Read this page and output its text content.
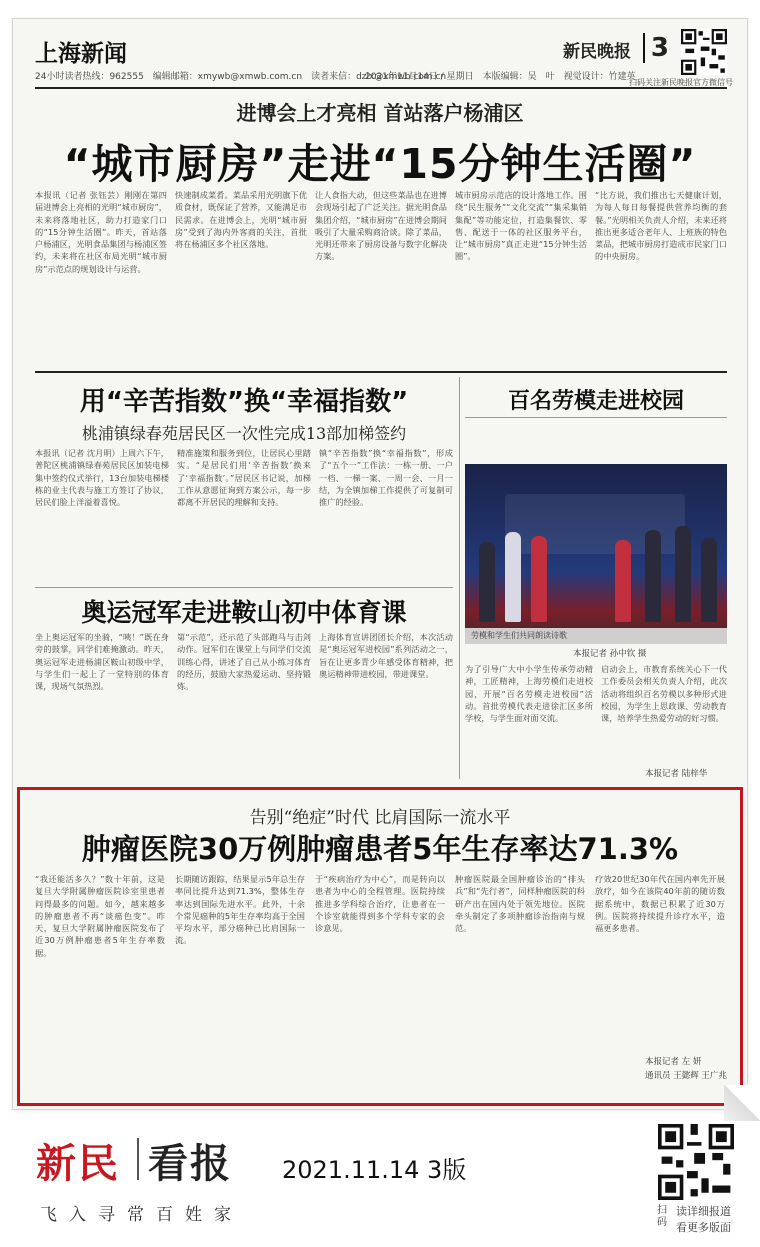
上海新闻
24小时读者热线：962555　编辑邮箱：xmywb@xmwb.com.cn　读者来信：dzlx@xmwb.com.cn
2021年11月14日 / 星期日　本版编辑：吴　叶　视觉设计：竹建英
新民晚报 3
扫码关注新民晚报官方微信号
进博会上才亮相 首站落户杨浦区
“城市厨房”走进“15分钟生活圈”
本报讯（记者 张钰芸）刚刚在第四届进博会上亮相的光明“城市厨房”，未来将落地社区，助力打造家门口的“15分钟生活圈”。昨天，首站落户杨浦区，光明食品集团与杨浦区签约，未来将在社区布局光明“城市厨房”示范点的规划设计与运营。
快速制成菜肴。菜品采用光明旗下优质食材，既保证了营养，又能满足市民需求。在进博会上，光明“城市厨房”受到了海内外客商的关注，首批将在杨浦区多个社区落地。
让人食指大动，但这些菜品也在进博会现场引起了广泛关注。据光明食品集团介绍，“城市厨房”在进博会期间吸引了大量采购商洽谈。除了菜品，光明还带来了厨房设备与数字化解决方案。
城市厨房示范店的设计落地工作。围绕“民生服务”“文化交流”“集采集销集配”等功能定位，打造集餐饮、零售、配送于一体的社区服务平台，让“城市厨房”真正走进“15分钟生活圈”。
“比方说，我们推出七天健康计划，为每人每日每餐提供营养均衡的套餐。”光明相关负责人介绍，未来还将推出更多适合老年人、上班族的特色菜品，把城市厨房打造成市民家门口的中央厨房。
用“辛苦指数”换“幸福指数”
桃浦镇绿春苑居民区一次性完成13部加梯签约
本报讯（记者 沈月明）上周六下午，普陀区桃浦镇绿春苑居民区加装电梯集中签约仪式举行，13台加装电梯楼栋的业主代表与施工方签订了协议，居民们脸上洋溢着喜悦。
精准施策和服务到位，让居民心里踏实。“是居民们用‘辛苦指数’换来了‘幸福指数’。”居民区书记说，加梯工作从意愿征询到方案公示，每一步都离不开居民的理解和支持。
镇“辛苦指数”换“幸福指数”，形成了“五个一”工作法：一栋一册、一户一档、一梯一案、一周一会、一月一结，为全镇加梯工作提供了可复制可推广的经验。
奥运冠军走进鞍山初中体育课
坐上奥运冠军的坐骑，“咦！”既在身旁的鼓掌，同学们难掩激动。昨天，奥运冠军走进杨浦区鞍山初级中学，与学生们一起上了一堂特别的体育课，现场气氛热烈。
第“示范”，还示范了头部跑马与击剑动作。冠军们在课堂上与同学们交流训练心得，讲述了自己从小练习体育的经历，鼓励大家热爱运动、坚持锻炼。
上海体育宣讲团团长介绍，本次活动是“奥运冠军进校园”系列活动之一，旨在让更多青少年感受体育精神，把奥运精神带进校园，带进课堂。
百名劳模走进校园
劳模和学生们共同朗读诗歌
本报记者 孙中钦 摄
为了引导广大中小学生传承劳动精神，工匠精神，上海劳模们走进校园，开展“百名劳模走进校园”活动。首批劳模代表走进徐汇区多所学校，与学生面对面交流。
启动会上，市教育系统关心下一代工作委员会相关负责人介绍，此次活动将组织百名劳模以多种形式进校园，为学生上思政课、劳动教育课，培养学生热爱劳动的好习惯。
本报记者 陆梓华
告别“绝症”时代 比肩国际一流水平
肿瘤医院30万例肿瘤患者5年生存率达71.3%
“我还能活多久？”数十年前，这是复旦大学附属肿瘤医院诊室里患者问得最多的问题。如今，越来越多的肿瘤患者不再“谈癌色变”。昨天，复旦大学附属肿瘤医院发布了近30万例肿瘤患者5年生存率数据。
长期随访跟踪，结果显示5年总生存率同比提升达到71.3%，整体生存率达到国际先进水平。此外，十余个常见癌种的5年生存率均高于全国平均水平，部分癌种已比肩国际一流。
于“疾病治疗为中心”，而是转向以患者为中心的全程管理。医院持续推进多学科综合治疗，让患者在一个诊室就能得到多个学科专家的会诊意见。
肿瘤医院最全国肿瘤诊治的“排头兵”和“先行者”，同样肿瘤医院的科研产出在国内处于领先地位。医院牵头制定了多项肿瘤诊治指南与规范。
疗效20世纪30年代在国内率先开展放疗，如今在该院40年前的随访数据系统中，数据已积累了近30万例。医院将持续提升诊疗水平，造福更多患者。
本报记者 左 妍
通讯员 王懿辉 王广兆
新民 看报 2021.11.14 3版
飞入寻常百姓家	扫码
读详细报道
看更多版面
